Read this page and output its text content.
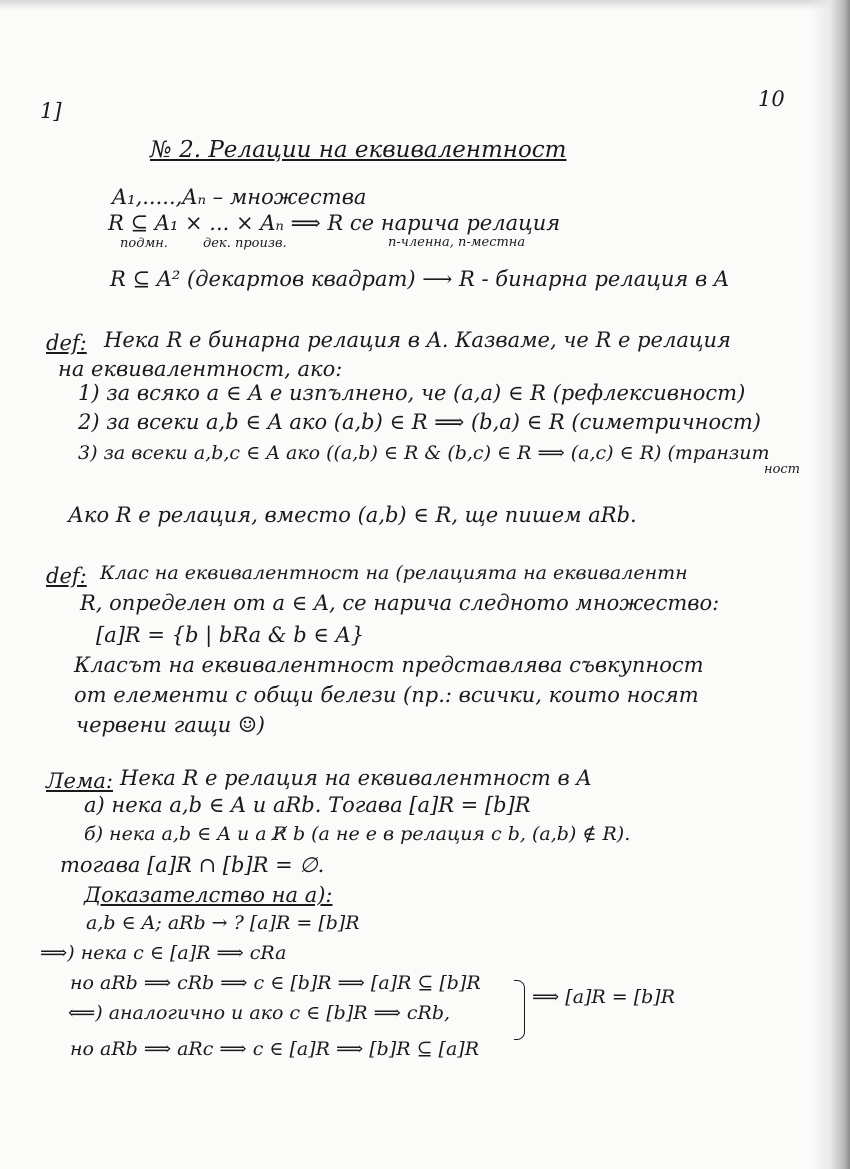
1]	10
№ 2. Релации на еквивалентност
A₁,.....,Aₙ – множества
R ⊆ A₁ × ... × Aₙ ⟹ R се нарича релация
подмн.	дек. произв.	n-членна, n-местна
R ⊆ A² (декартов квадрат) ⟶ R - бинарна релация в A
def: Нека R е бинарна релация в A. Казваме, че R е релация
на еквивалентност, ако:
1) за всяко a ∈ A е изпълнено, че (a,a) ∈ R (рефлексивност)
2) за всеки a,b ∈ A ако (a,b) ∈ R ⟹ (b,a) ∈ R (симетричност)
3) за всеки a,b,c ∈ A ако ((a,b) ∈ R & (b,c) ∈ R ⟹ (a,c) ∈ R) (транзит
ност
Ако R е релация, вместо (a,b) ∈ R, ще пишем aRb.
def: Клас на еквивалентност на (релацията на еквивалентн
R, определен от a ∈ A, се нарича следното множество:
[a]R = {b | bRa & b ∈ A}
Класът на еквивалентност представлява съвкупност
от елементи с общи белези (пр.: всички, които носят
червени гащи ☺)
Лема: Нека R е релация на еквивалентност в A
a) нека a,b ∈ A и aRb. Тогава [a]R = [b]R
б) нека a,b ∈ A и a R̸ b (a не е в релация с b, (a,b) ∉ R).
тогава [a]R ∩ [b]R = ∅.
Доказателство на a):
a,b ∈ A; aRb → ? [a]R = [b]R
⟹) нека c ∈ [a]R ⟹ cRa
но aRb ⟹ cRb ⟹ c ∈ [b]R ⟹ [a]R ⊆ [b]R
⟸) аналогично и ако c ∈ [b]R ⟹ cRb,
но aRb ⟹ aRc ⟹ c ∈ [a]R ⟹ [b]R ⊆ [a]R
⟹ [a]R = [b]R
